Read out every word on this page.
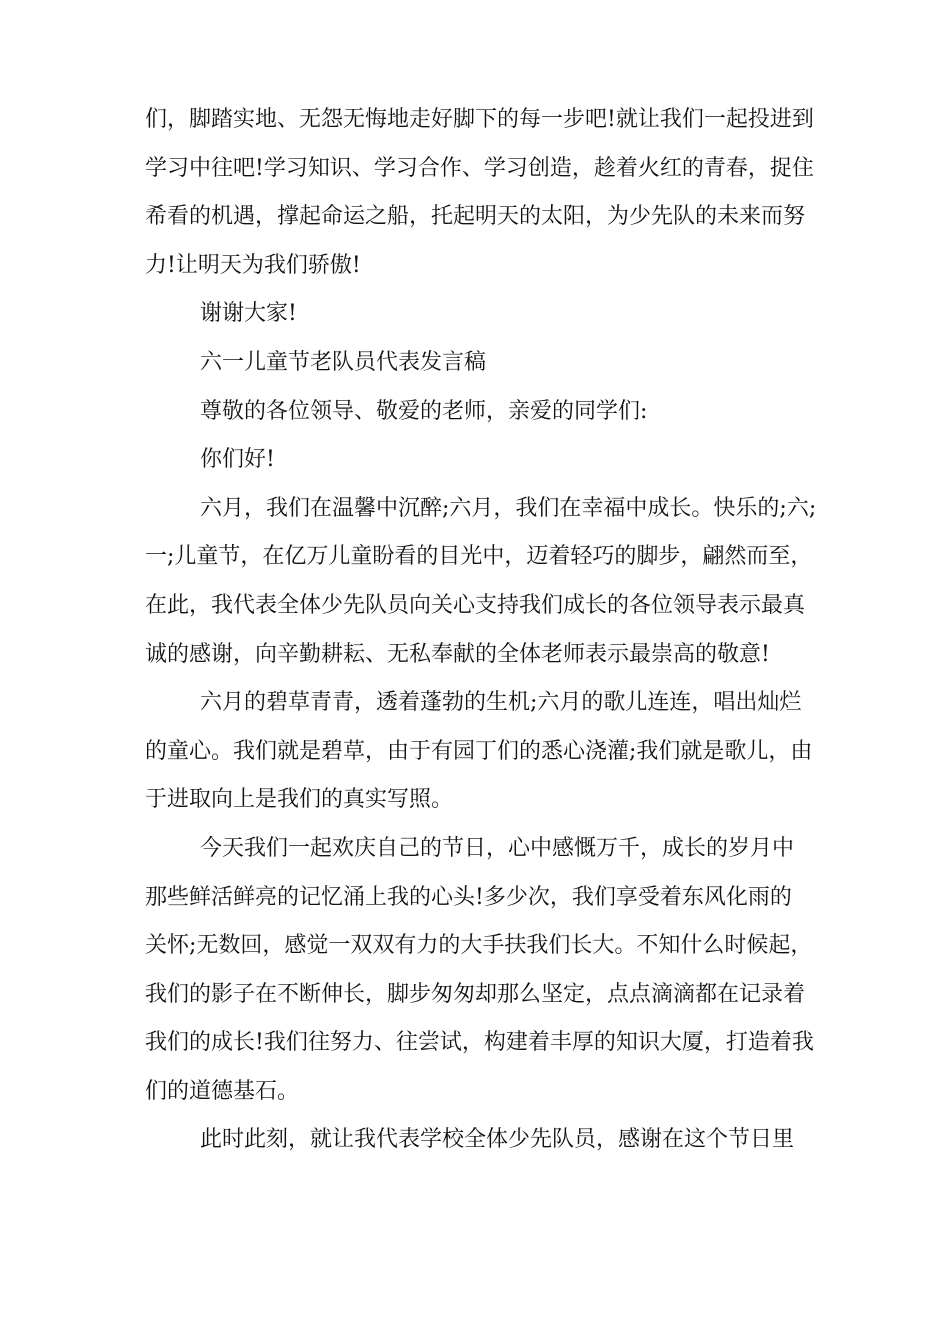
们，脚踏实地、无怨无悔地走好脚下的每一步吧!就让我们一起投进到
学习中往吧!学习知识、学习合作、学习创造，趁着火红的青春，捉住
希看的机遇，撑起命运之船，托起明天的太阳，为少先队的未来而努
力!让明天为我们骄傲!
谢谢大家!
六一儿童节老队员代表发言稿
尊敬的各位领导、敬爱的老师，亲爱的同学们:
你们好!
六月，我们在温馨中沉醉;六月，我们在幸福中成长。快乐的;六;
一;儿童节，在亿万儿童盼看的目光中，迈着轻巧的脚步，翩然而至，
在此，我代表全体少先队员向关心支持我们成长的各位领导表示最真
诚的感谢，向辛勤耕耘、无私奉献的全体老师表示最崇高的敬意!
六月的碧草青青，透着蓬勃的生机;六月的歌儿连连，唱出灿烂
的童心。我们就是碧草，由于有园丁们的悉心浇灌;我们就是歌儿，由
于进取向上是我们的真实写照。
今天我们一起欢庆自己的节日，心中感慨万千，成长的岁月中
那些鲜活鲜亮的记忆涌上我的心头!多少次，我们享受着东风化雨的
关怀;无数回，感觉一双双有力的大手扶我们长大。不知什么时候起，
我们的影子在不断伸长，脚步匆匆却那么坚定，点点滴滴都在记录着
我们的成长!我们往努力、往尝试，构建着丰厚的知识大厦，打造着我
们的道德基石。
此时此刻，就让我代表学校全体少先队员，感谢在这个节日里
